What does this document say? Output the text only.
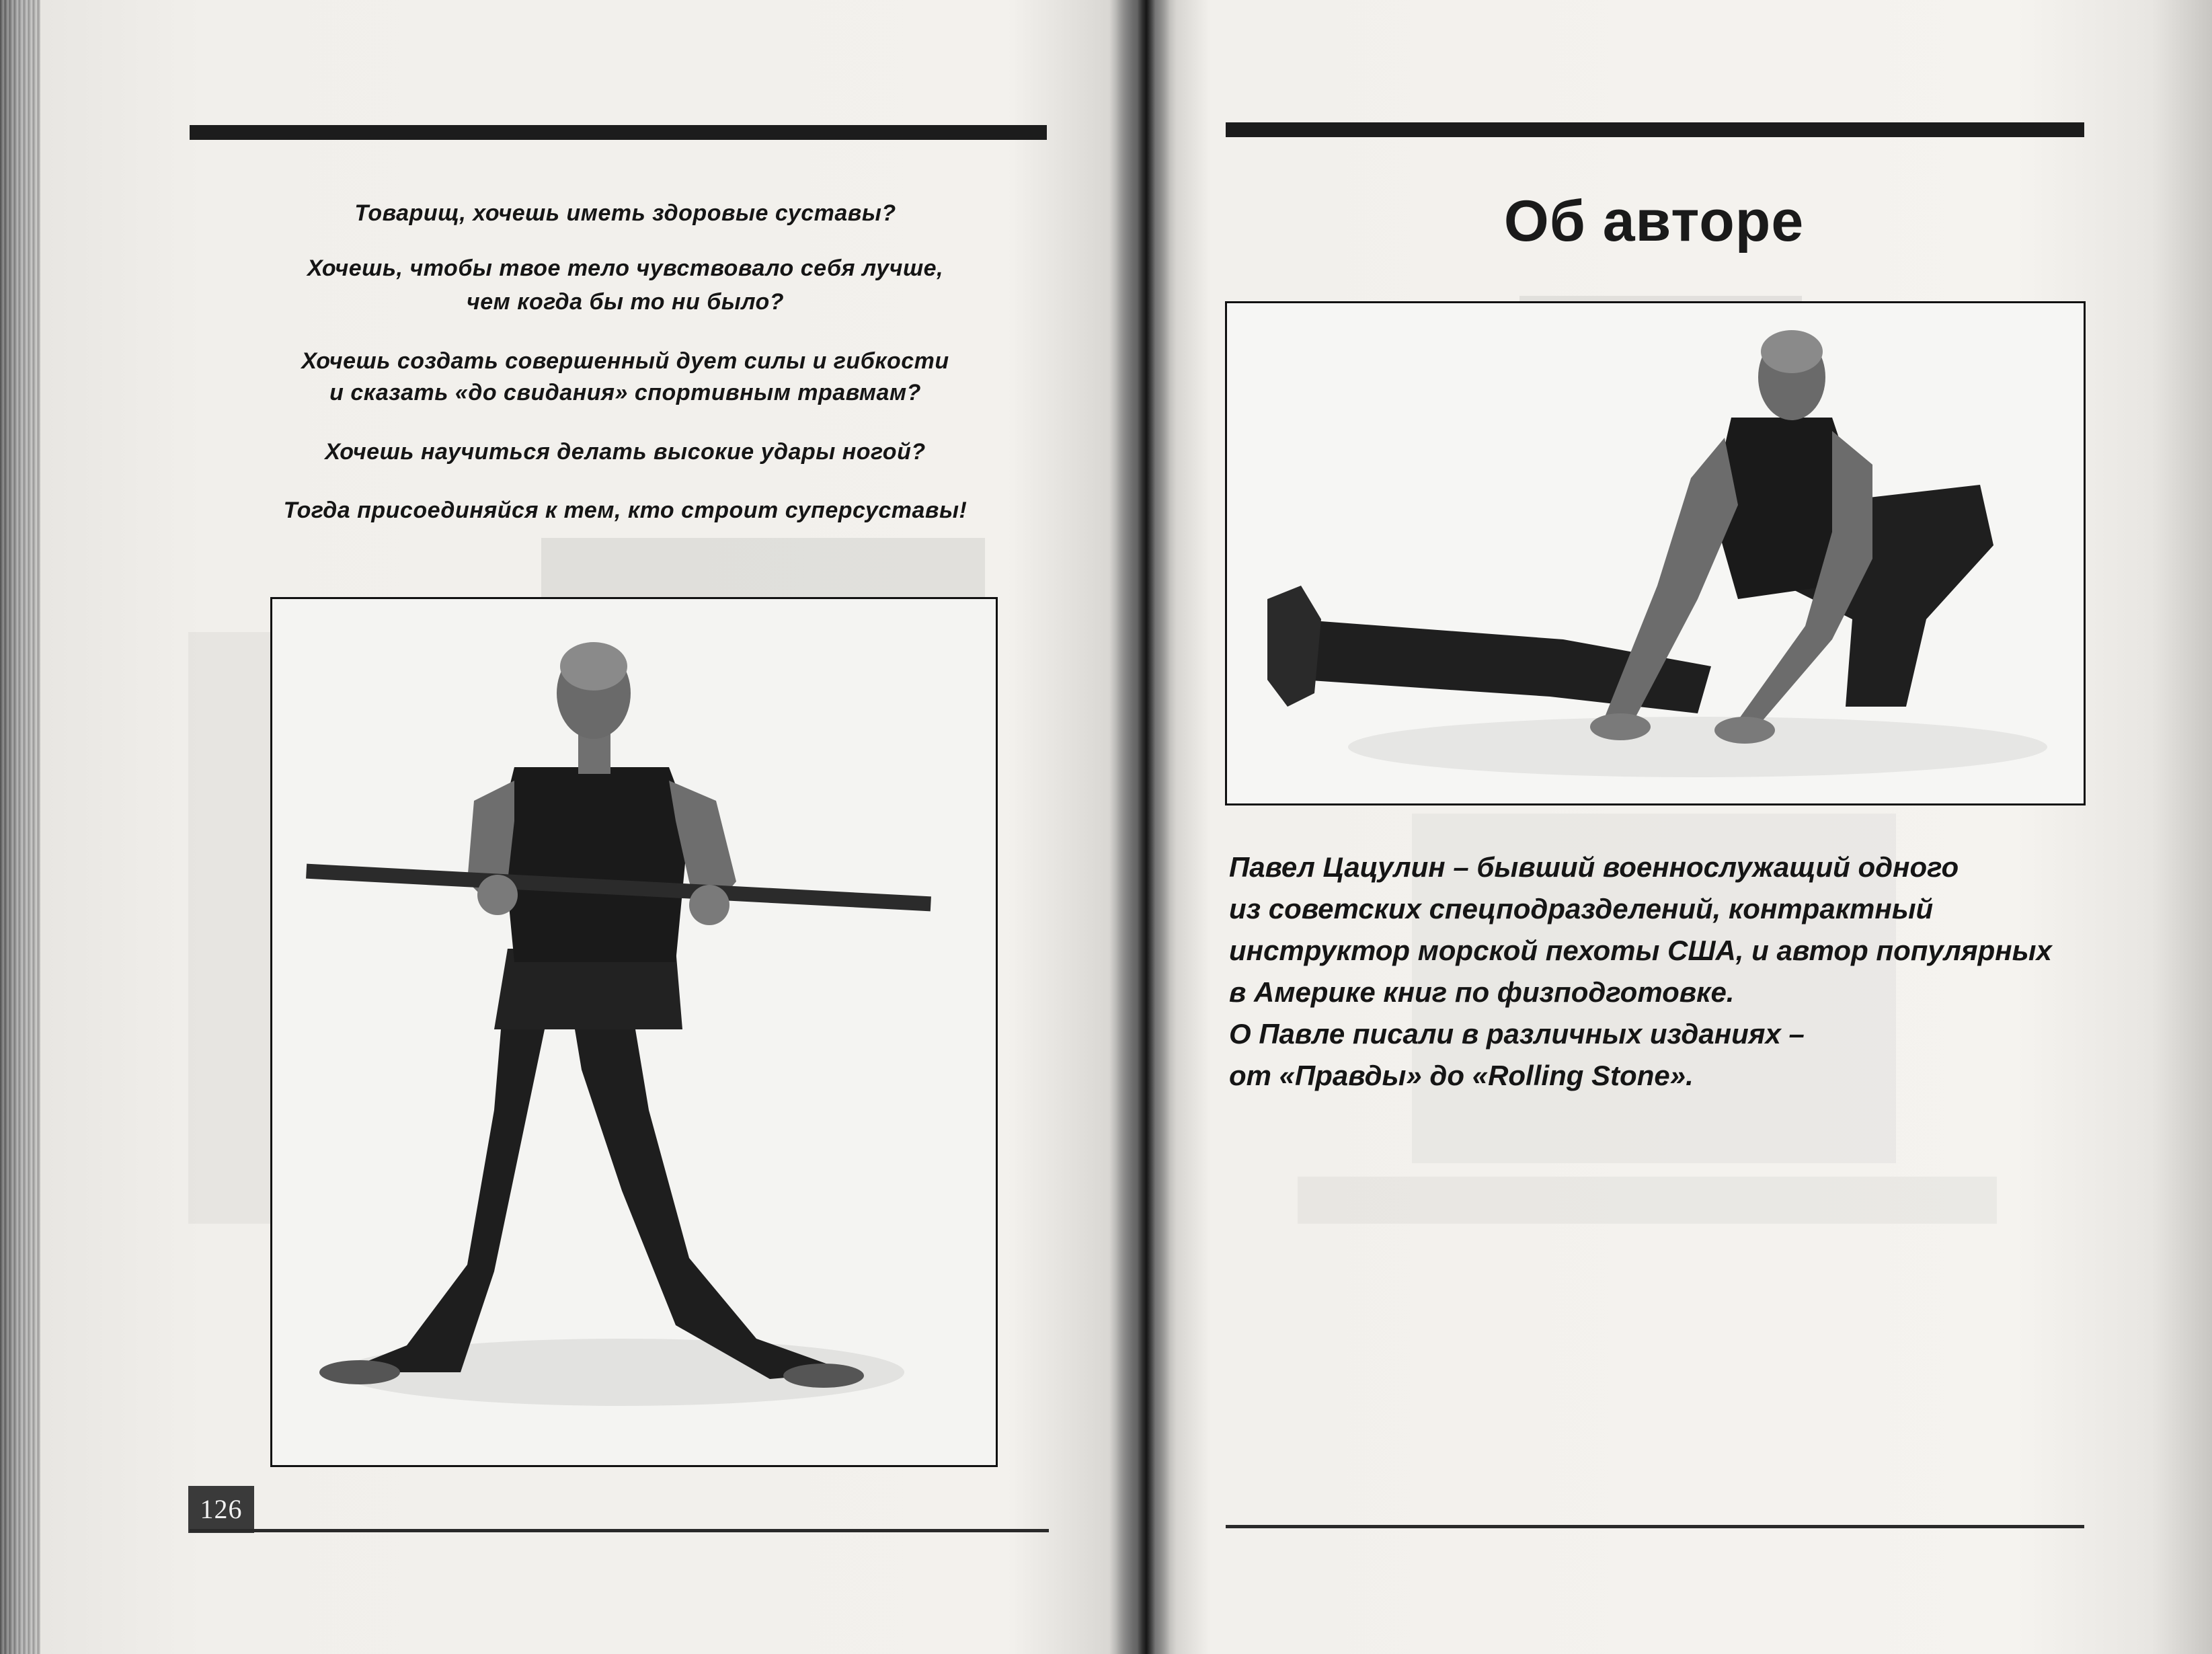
Товарищ, хочешь иметь здоровые суставы?
Хочешь, чтобы твое тело чувствовало себя лучше,
чем когда бы то ни было?
Хочешь создать совершенный дует силы и гибкости
и сказать «до свидания» спортивным травмам?
Хочешь научиться делать высокие удары ногой?
Тогда присоединяйся к тем, кто строит суперсуставы!
126
Об авторе
Павел Цацулин – бывший военнослужащий одного
из советских спецподразделений, контрактный
инструктор морской пехоты США, и автор популярных
в Америке книг по физподготовке.
О Павле писали в различных изданиях –
от «Правды» до «Rolling Stone».
